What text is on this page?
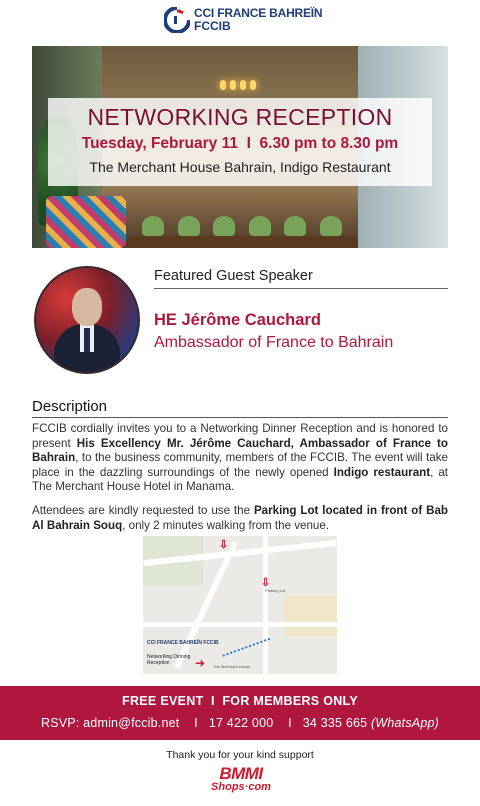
CCI FRANCE BAHREÏN
FCCIB
NETWORKING RECEPTION
Tuesday, February 11  I  6.30 pm to 8.30 pm
The Merchant House Bahrain, Indigo Restaurant
Featured Guest Speaker
HE Jérôme Cauchard
Ambassador of France to Bahrain
Description
FCCIB cordially invites you to a Networking Dinner Reception and is honored to present His Excellency Mr. Jérôme Cauchard, Ambassador of France to Bahrain, to the business community, members of the FCCIB. The event will take place in the dazzling surroundings of the newly opened Indigo restaurant, at The Merchant House Hotel in Manama.
Attendees are kindly requested to use the Parking Lot located in front of Bab Al Bahrain Souq, only 2 minutes walking from the venue.
⇩
⇩
Parking Lot
CCI FRANCE BAHREÏN FCCIB
Networking Dinning
Reception	➜ The Merchant House
FREE EVENT  I  FOR MEMBERS ONLY
RSVP: admin@fccib.net    I   17 422 000    I   34 335 665 (WhatsApp)
Thank you for your kind support
BMMI
Shops·com
